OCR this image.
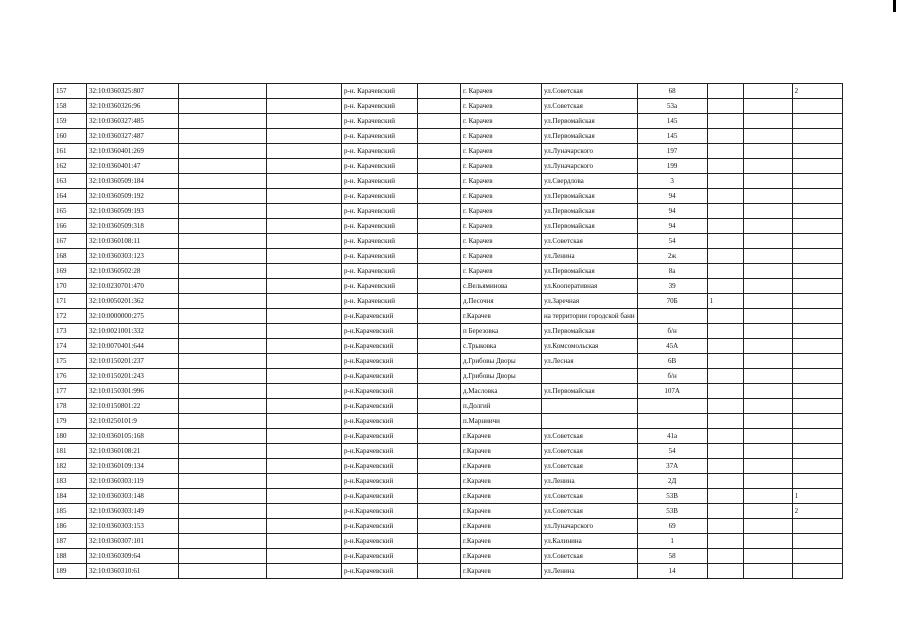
157	32:10:0360325:807			р-н. Карачевский		г. Карачев	ул.Советская	68			2
158	32:10:0360326:96			р-н. Карачевский		г. Карачев	ул.Советская	53а			
159	32:10:0360327:485			р-н. Карачевский		г. Карачев	ул.Первомайская	145			
160	32:10:0360327:487			р-н. Карачевский		г. Карачев	ул.Первомайская	145			
161	32:10:0360401:269			р-н. Карачевский		г. Карачев	ул.Луначарского	197			
162	32:10:0360401:47			р-н. Карачевский		г. Карачев	ул.Луначарского	199			
163	32:10:0360509:184			р-н. Карачевский		г. Карачев	ул.Свердлова	3			
164	32:10:0360509:192			р-н. Карачевский		г. Карачев	ул.Первомайская	94			
165	32:10:0360509:193			р-н. Карачевский		г. Карачев	ул.Первомайская	94			
166	32:10:0360509:318			р-н. Карачевский		г. Карачев	ул.Первомайская	94			
167	32:10:0360108:11			р-н. Карачевский		г. Карачев	ул.Советская	54			
168	32:10:0360303:123			р-н. Карачевский		г. Карачев	ул.Ленина	2ж			
169	32:10:0360502:28			р-н. Карачевский		г. Карачев	ул.Первомайская	8а			
170	32:10:0230701:470			р-н. Карачевский		с.Вельяминова	ул.Кооперативная	39			
171	32:10:0050201:362			р-н. Карачевский		д.Песочня	ул.Заречная	70Б	1		
172	32:10:0000000:275			р-н.Карачевский		г.Карачев	на территории городской бани				
173	32:10:0021001:332			р-н.Карачевский		п Березовка	ул.Первомайская	б/н			
174	32:10:0070401:644			р-н.Карачевский		с.Трыковка	ул.Комсомольская	45А			
175	32:10:0150201:237			р-н.Карачевский		д.Грибовы Дворы	ул.Лесная	6В			
176	32:10:0150201:243			р-н.Карачевский		д.Грибовы Дворы		б/н			
177	32:10:0150301:996			р-н.Карачевский		д.Масловка	ул.Первомайская	107А			
178	32:10:0150801:22			р-н.Карачевский		п.Долгий					
179	32:10:0250101:9			р-н.Карачевский		п.Марниичи					
180	32:10:0360105:168			р-н.Карачевский		г.Карачев	ул.Советская	41а			
181	32:10:0360108:21			р-н.Карачевский		г.Карачев	ул.Советская	54			
182	32:10:0360109:134			р-н.Карачевский		г.Карачев	ул.Советская	37А			
183	32:10:0360303:119			р-н.Карачевский		г.Карачев	ул.Ленина	2Д			
184	32:10:0360303:148			р-н.Карачевский		г.Карачев	ул.Советская	53В			1
185	32:10:0360303:149			р-н.Карачевский		г.Карачев	ул.Советская	53В			2
186	32:10:0360303:153			р-н.Карачевский		г.Карачев	ул.Луначарского	69			
187	32:10:0360307:101			р-н.Карачевский		г.Карачев	ул.Калинина	1			
188	32:10:0360309:64			р-н.Карачевский		г.Карачев	ул.Советская	58			
189	32:10:0360310:61			р-н.Карачевский		г.Карачев	ул.Ленина	14			
